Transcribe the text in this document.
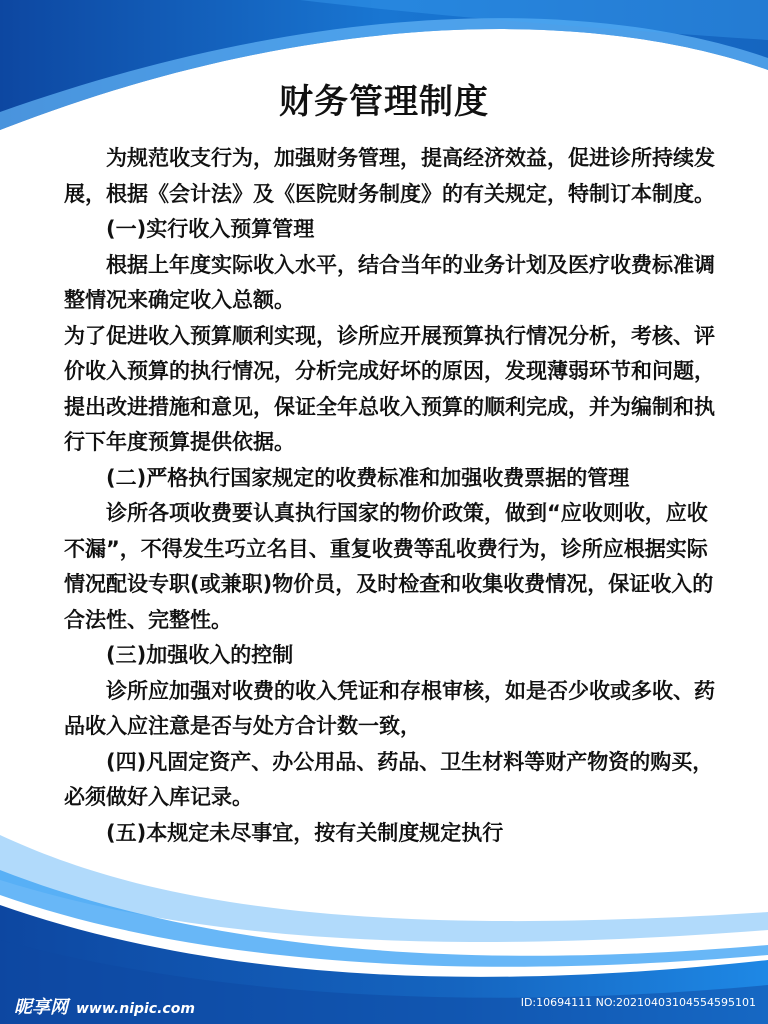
财务管理制度

为规范收支行为，加强财务管理，提高经济效益，促进诊所持续发展，根据《会计法》及《医院财务制度》的有关规定，特制订本制度。

(一)实行收入预算管理

根据上年度实际收入水平，结合当年的业务计划及医疗收费标准调整情况来确定收入总额。

为了促进收入预算顺利实现，诊所应开展预算执行情况分析，考核、评价收入预算的执行情况，分析完成好坏的原因，发现薄弱环节和问题，提出改进措施和意见，保证全年总收入预算的顺利完成，并为编制和执行下年度预算提供依据。

(二)严格执行国家规定的收费标准和加强收费票据的管理

诊所各项收费要认真执行国家的物价政策，做到“应收则收，应收不漏”，不得发生巧立名目、重复收费等乱收费行为，诊所应根据实际情况配设专职(或兼职)物价员，及时检查和收集收费情况，保证收入的合法性、完整性。

(三)加强收入的控制

诊所应加强对收费的收入凭证和存根审核，如是否少收或多收、药品收入应注意是否与处方合计数一致，

(四)凡固定资产、办公用品、药品、卫生材料等财产物资的购买，必须做好入库记录。

(五)本规定未尽事宜，按有关制度规定执行

昵享网 www.nipic.com	ID:10694111 NO:20210403104554595101
